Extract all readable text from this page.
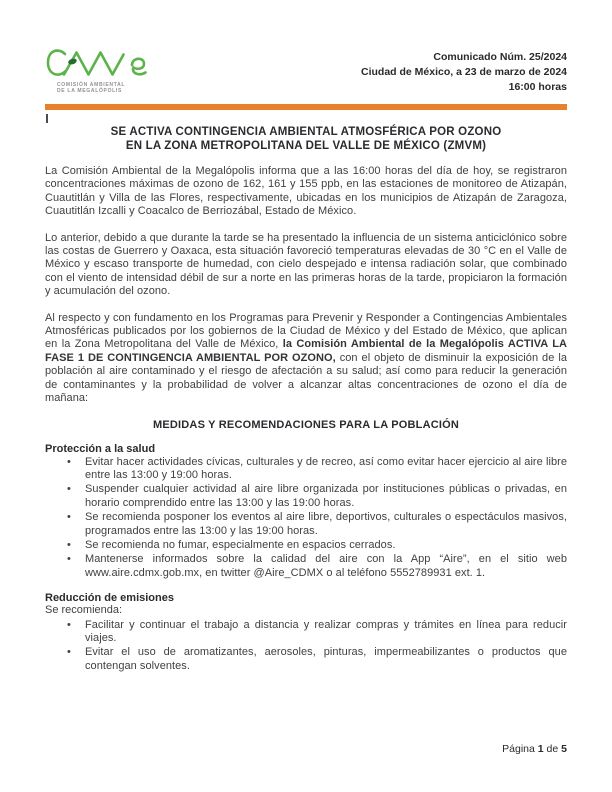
COMISIÓN AMBIENTAL
DE LA MEGALÓPOLIS
Comunicado Núm. 25/2024
Ciudad de México, a 23 de marzo de 2024
16:00 horas
SE ACTIVA CONTINGENCIA AMBIENTAL ATMOSFÉRICA POR OZONO
EN LA ZONA METROPOLITANA DEL VALLE DE MÉXICO (ZMVM)

La Comisión Ambiental de la Megalópolis informa que a las 16:00 horas del día de hoy, se registraron concentraciones máximas de ozono de 162, 161 y 155 ppb, en las estaciones de monitoreo de Atizapán, Cuautitlán y Villa de las Flores, respectivamente, ubicadas en los municipios de Atizapán de Zaragoza, Cuautitlán Izcalli y Coacalco de Berriozábal, Estado de México.

Lo anterior, debido a que durante la tarde se ha presentado la influencia de un sistema anticiclónico sobre las costas de Guerrero y Oaxaca, esta situación favoreció temperaturas elevadas de 30 °C en el Valle de México y escaso transporte de humedad, con cielo despejado e intensa radiación solar, que combinado con el viento de intensidad débil de sur a norte en las primeras horas de la tarde, propiciaron la formación y acumulación del ozono.

Al respecto y con fundamento en los Programas para Prevenir y Responder a Contingencias Ambientales Atmosféricas publicados por los gobiernos de la Ciudad de México y del Estado de México, que aplican en la Zona Metropolitana del Valle de México, la Comisión Ambiental de la Megalópolis ACTIVA LA FASE 1 DE CONTINGENCIA AMBIENTAL POR OZONO, con el objeto de disminuir la exposición de la población al aire contaminado y el riesgo de afectación a su salud; así como para reducir la generación de contaminantes y la probabilidad de volver a alcanzar altas concentraciones de ozono el día de mañana:

MEDIDAS Y RECOMENDACIONES PARA LA POBLACIÓN
Protección a la salud
• Evitar hacer actividades cívicas, culturales y de recreo, así como evitar hacer ejercicio al aire libre entre las 13:00 y 19:00 horas.
• Suspender cualquier actividad al aire libre organizada por instituciones públicas o privadas, en horario comprendido entre las 13:00 y las 19:00 horas.
• Se recomienda posponer los eventos al aire libre, deportivos, culturales o espectáculos masivos, programados entre las 13:00 y las 19:00 horas.
• Se recomienda no fumar, especialmente en espacios cerrados.
• Mantenerse informados sobre la calidad del aire con la App “Aire”, en el sitio web www.aire.cdmx.gob.mx, en twitter @Aire_CDMX o al teléfono 5552789931 ext. 1.
Reducción de emisiones
Se recomienda:
• Facilitar y continuar el trabajo a distancia y realizar compras y trámites en línea para reducir viajes.
• Evitar el uso de aromatizantes, aerosoles, pinturas, impermeabilizantes o productos que contengan solventes.
Página 1 de 5
